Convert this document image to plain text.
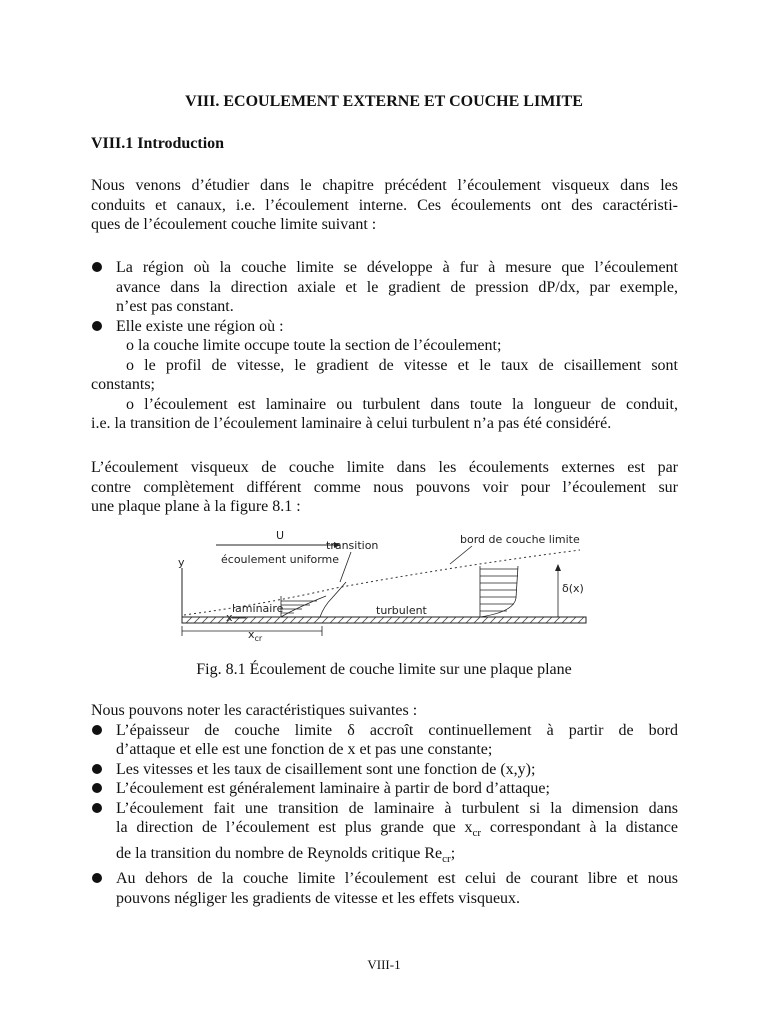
VIII. ECOULEMENT EXTERNE ET COUCHE LIMITE
VIII.1 Introduction
Nous venons d’étudier dans le chapitre précédent l’écoulement visqueux dans les
conduits et canaux, i.e. l’écoulement interne. Ces écoulements ont des caractéristi-
ques de l’écoulement couche limite suivant :
La région où la couche limite se développe à fur à mesure que l’écoulement
avance dans la direction axiale et le gradient de pression dP/dx, par exemple,
n’est pas constant.
Elle existe une région où :
o la couche limite occupe toute la section de l’écoulement;
o le profil de vitesse, le gradient de vitesse et le taux de cisaillement sont
constants;
o l’écoulement est laminaire ou turbulent dans toute la longueur de conduit,
i.e. la transition de l’écoulement laminaire à celui turbulent n’a pas été considéré.
L’écoulement visqueux de couche limite dans les écoulements externes est par
contre complètement différent comme nous pouvons voir pour l’écoulement sur
une plaque plane à la figure 8.1 :
y
U
écoulement uniforme
transition	bord de couche limite
laminaire
x
turbulent
δ(x)
$x_{cr}$
Fig. 8.1 Écoulement de couche limite sur une plaque plane
Nous pouvons noter les caractéristiques suivantes :
L’épaisseur de couche limite δ accroît continuellement à partir de bord
d’attaque et elle est une fonction de x et pas une constante;
Les vitesses et les taux de cisaillement sont une fonction de (x,y);
L’écoulement est généralement laminaire à partir de bord d’attaque;
L’écoulement fait une transition de laminaire à turbulent si la dimension dans
la direction de l’écoulement est plus grande que $x_{cr}$ correspondant à la distance
de la transition du nombre de Reynolds critique $Re_{cr}$;
Au dehors de la couche limite l’écoulement est celui de courant libre et nous
pouvons négliger les gradients de vitesse et les effets visqueux.
VIII-1
